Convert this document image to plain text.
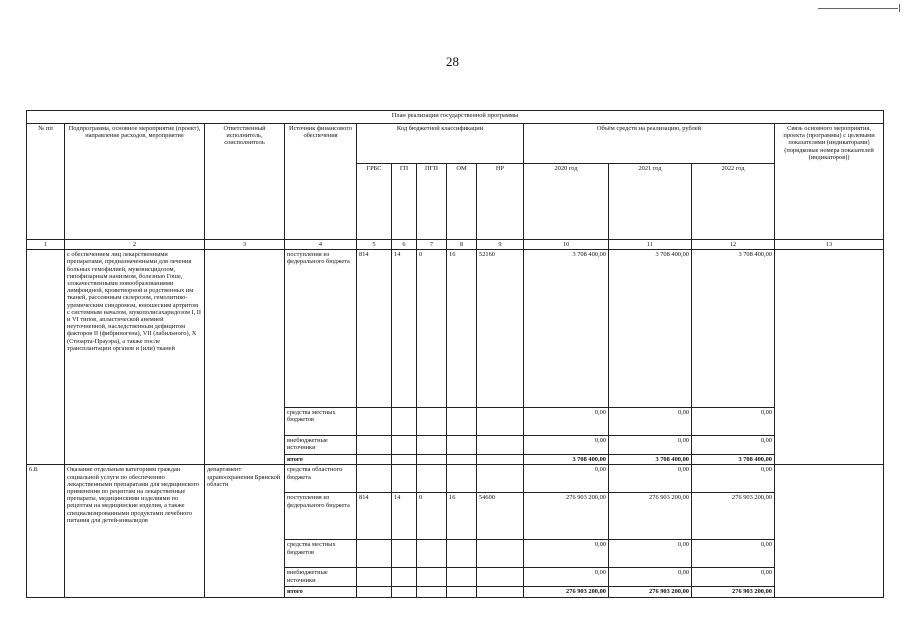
28
План реализации государственной программы												
№ пп	Подпрограмма, основное мероприятие (проект), направление расходов, мероприятие	Ответственный исполнитель, соисполнитель	Источник финансового обеспечения	Код бюджетной классификации					Объём средств на реализацию, рублей			Связь основного мероприятия, проекта (программы) с целевыми показателями (индикаторами) (порядковые номера показателей (индикаторов))
				ГРБС	ГП	ПГП	ОМ	НР	2020 год	2021 год	2022 год	
1	2	3	4	5	6	7	8	9	10	11	12	13
	с обеспечением лиц лекарственными препаратами, предназначенными для лечения больных гемофилией, муковисцидозом, гипофизарным нанизмом, болезнью Гоше, злокачественными новообразованиями лимфоидной, кроветворной и родственных им тканей, рассеянным склерозом, гемолитико-уремическим синдромом, юношеским артритом с системным началом, мукополисахаридозом I, II и VI типов, апластической анемией неуточненной, наследственным дефицитом факторов II (фибриногена), VII (лабильного), X (Стюарта-Прауэра), а также после трансплантации органов и (или) тканей		поступления из федерального бюджета	814	14	0	16	52160	3 708 400,00	3 708 400,00	3 708 400,00	
			средства местных бюджетов						0,00	0,00	0,00	
			внебюджетные источники						0,00	0,00	0,00	
			итого						3 708 400,00	3 708 400,00	3 708 400,00	
6.8.	Оказание отдельным категориям граждан социальной услуги по обеспечению лекарственными препаратами для медицинского применения по рецептам на лекарственные препараты, медицинскими изделиями по рецептам на медицинские изделия, а также специализированными продуктами лечебного питания для детей-инвалидов	департамент здравоохранения Брянской области	средства областного бюджета						0,00	0,00	0,00	
			поступления из федерального бюджета	814	14	0	16	54600	276 903 200,00	276 903 200,00	276 903 200,00	
			средства местных бюджетов						0,00	0,00	0,00	
			внебюджетные источники						0,00	0,00	0,00	
			итого						276 903 200,00	276 903 200,00	276 903 200,00	
